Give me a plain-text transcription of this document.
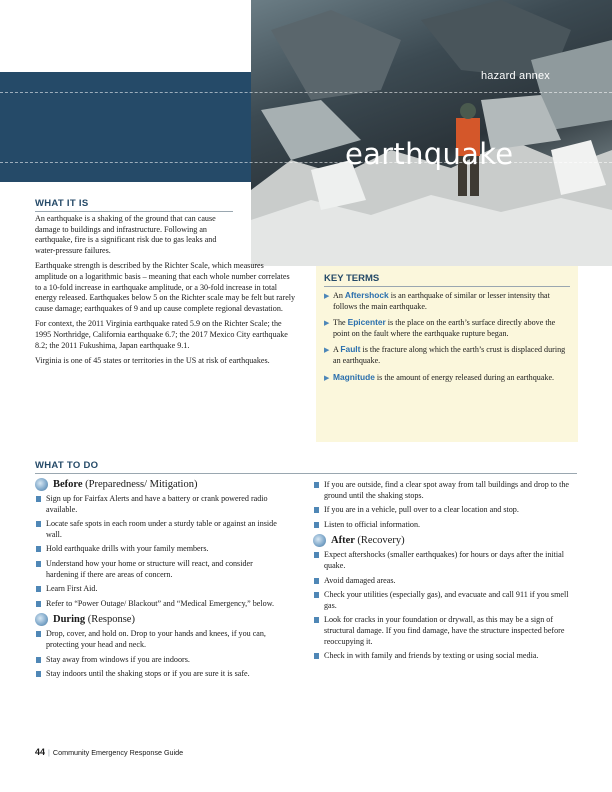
hazard annex
earthquake
WHAT IT IS

An earthquake is a shaking of the ground that can cause damage to buildings and infrastructure. Following an earthquake, fire is a significant risk due to gas leaks and water-pressure failures.

Earthquake strength is described by the Richter Scale, which measures amplitude on a logarithmic basis – meaning that each whole number correlates to a 10-fold increase in earthquake amplitude, or a 30-fold increase in total energy released. Earthquakes below 5 on the Richter scale may be felt but rarely cause damage; earthquakes of 9 and up cause complete regional devastation.

For context, the 2011 Virginia earthquake rated 5.9 on the Richter Scale; the 1995 Northridge, California earthquake 6.7; the 2017 Mexico City earthquake 8.2; the 2011 Fukushima, Japan earthquake 9.1.

Virginia is one of 45 states or territories in the US at risk of earthquakes.

KEY TERMS
▶ An Aftershock is an earthquake of similar or lesser intensity that follows the main earthquake.
▶ The Epicenter is the place on the earth’s surface directly above the point on the fault where the earthquake rupture began.
▶ A Fault is the fracture along which the earth’s crust is displaced during an earthquake.
▶ Magnitude is the amount of energy released during an earthquake.
WHAT TO DO
Before (Preparedness/ Mitigation)
Sign up for Fairfax Alerts and have a battery or crank powered radio available.
Locate safe spots in each room under a sturdy table or against an inside wall.
Hold earthquake drills with your family members.
Understand how your home or structure will react, and consider hardening if there are areas of concern.
Learn First Aid.
Refer to “Power Outage/ Blackout” and “Medical Emergency,” below.
During (Response)
Drop, cover, and hold on. Drop to your hands and knees, if you can, protecting your head and neck.
Stay away from windows if you are indoors.
Stay indoors until the shaking stops or if you are sure it is safe.
If you are outside, find a clear spot away from tall buildings and drop to the ground until the shaking stops.
If you are in a vehicle, pull over to a clear location and stop.
Listen to official information.
After (Recovery)
Expect aftershocks (smaller earthquakes) for hours or days after the initial quake.
Avoid damaged areas.
Check your utilities (especially gas), and evacuate and call 911 if you smell gas.
Look for cracks in your foundation or drywall, as this may be a sign of structural damage. If you find damage, have the structure inspected before reoccupying it.
Check in with family and friends by texting or using social media.
44 | Community Emergency Response Guide
